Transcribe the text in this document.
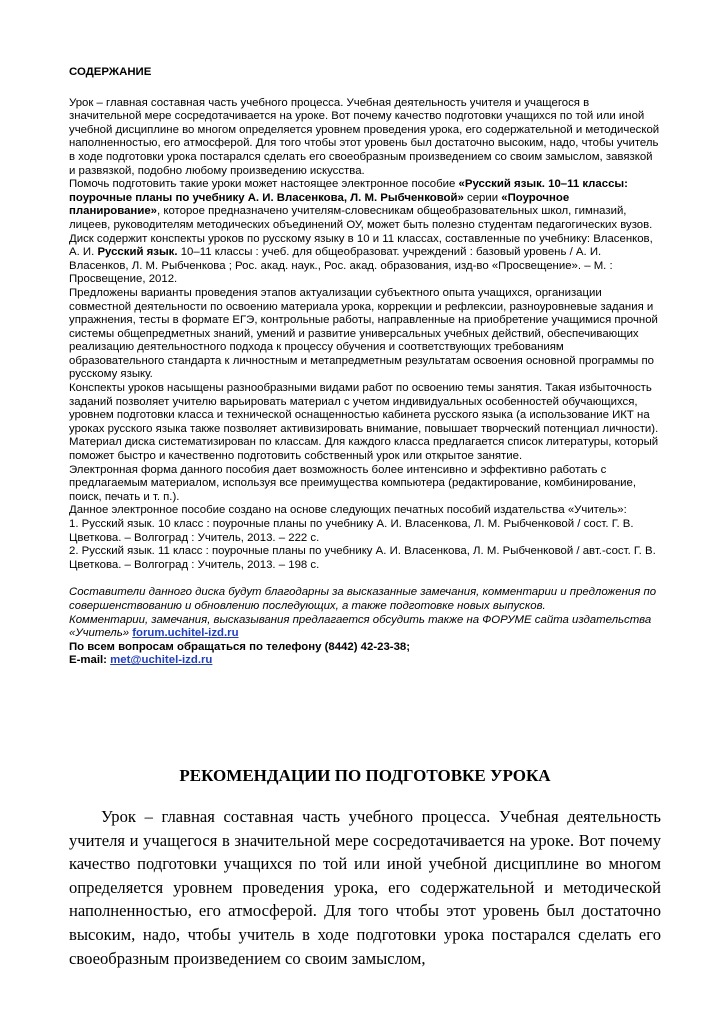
СОДЕРЖАНИЕ

Урок – главная составная часть учебного процесса. Учебная деятельность учителя и учащегося в значительной мере сосредотачивается на уроке. Вот почему качество подготовки учащихся по той или иной учебной дисциплине во многом определяется уровнем проведения урока, его содержательной и методической наполненностью, его атмосферой. Для того чтобы этот уровень был достаточно высоким, надо, чтобы учитель в ходе подготовки урока постарался сделать его своеобразным произведением со своим замыслом, завязкой и развязкой, подобно любому произведению искусства.

Помочь подготовить такие уроки может настоящее электронное пособие «Русский язык. 10–11 классы: поурочные планы по учебнику А. И. Власенкова, Л. М. Рыбченковой» серии «Поурочное планирование», которое предназначено учителям-словесникам общеобразовательных школ, гимназий, лицеев, руководителям методических объединений ОУ, может быть полезно студентам педагогических вузов.

Диск содержит конспекты уроков по русскому языку в 10 и 11 классах, составленные по учебнику: Власенков, А. И. Русский язык. 10–11 классы : учеб. для общеобразоват. учреждений : базовый уровень / А. И. Власенков, Л. М. Рыбченкова ; Рос. акад. наук., Рос. акад. образования, изд-во «Просвещение». – М. : Просвещение, 2012.

Предложены варианты проведения этапов актуализации субъектного опыта учащихся, организации совместной деятельности по освоению материала урока, коррекции и рефлексии, разноуровневые задания и упражнения, тесты в формате ЕГЭ, контрольные работы, направленные на приобретение учащимися прочной системы общепредметных знаний, умений и развитие универсальных учебных действий, обеспечивающих реализацию деятельностного подхода к процессу обучения и соответствующих требованиям образовательного стандарта к личностным и метапредметным результатам освоения основной программы по русскому языку.

Конспекты уроков насыщены разнообразными видами работ по освоению темы занятия. Такая избыточность заданий позволяет учителю варьировать материал с учетом индивидуальных особенностей обучающихся, уровнем подготовки класса и технической оснащенностью кабинета русского языка (а использование ИКТ на уроках русского языка также позволяет активизировать внимание, повышает творческий потенциал личности).

Материал диска систематизирован по классам. Для каждого класса предлагается список литературы, который поможет быстро и качественно подготовить собственный урок или открытое занятие.

Электронная форма данного пособия дает возможность более интенсивно и эффективно работать с предлагаемым материалом, используя все преимущества компьютера (редактирование, комбинирование, поиск, печать и т. п.).

Данное электронное пособие создано на основе следующих печатных пособий издательства «Учитель»:

1. Русский язык. 10 класс : поурочные планы по учебнику А. И. Власенкова, Л. М. Рыбченковой / сост. Г. В. Цветкова. – Волгоград : Учитель, 2013. – 222 с.

2. Русский язык. 11 класс : поурочные планы по учебнику А. И. Власенкова, Л. М. Рыбченковой / авт.-сост. Г. В. Цветкова. – Волгоград : Учитель, 2013. – 198 с.

Составители данного диска будут благодарны за высказанные замечания, комментарии и предложения по совершенствованию и обновлению последующих, а также подготовке новых выпусков.

Комментарии, замечания, высказывания предлагается обсудить также на ФОРУМЕ сайта издательства «Учитель» forum.uchitel-izd.ru

По всем вопросам обращаться по телефону (8442) 42-23-38;

E-mail: met@uchitel-izd.ru

РЕКОМЕНДАЦИИ ПО ПОДГОТОВКЕ УРОКА

Урок – главная составная часть учебного процесса. Учебная деятельность учителя и учащегося в значительной мере сосредотачивается на уроке. Вот почему качество подготовки учащихся по той или иной учебной дисциплине во многом определяется уровнем проведения урока, его содержательной и методической наполненностью, его атмосферой. Для того чтобы этот уровень был достаточно высоким, надо, чтобы учитель в ходе подготовки урока постарался сделать его своеобразным произведением со своим замыслом,
